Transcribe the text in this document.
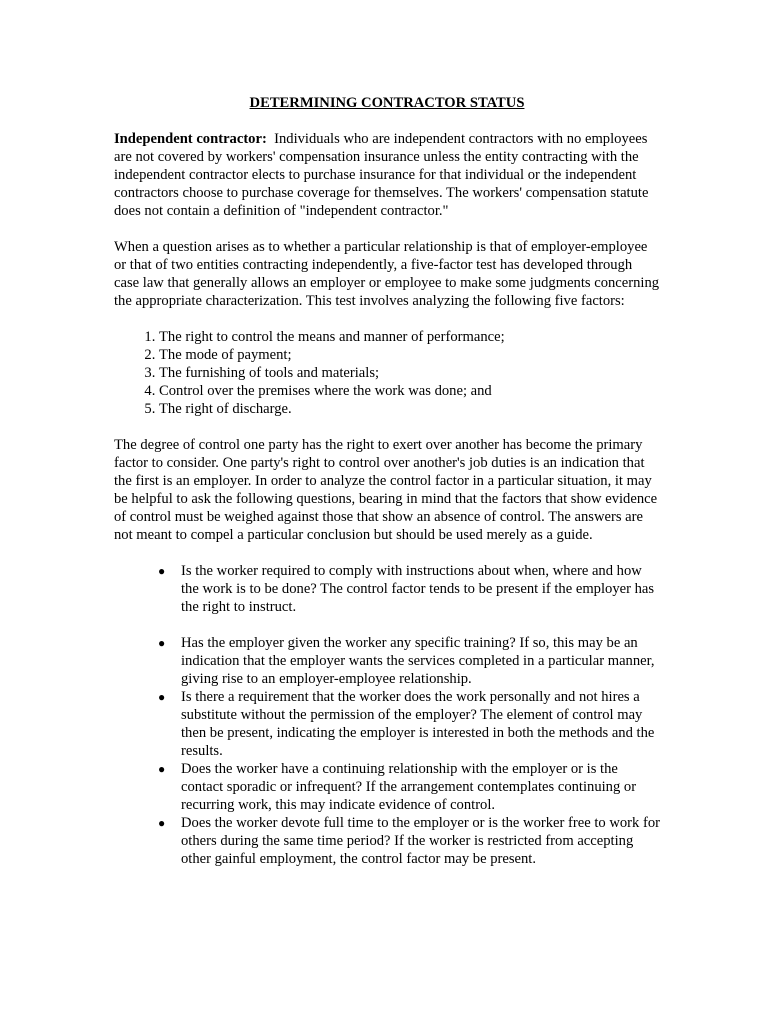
DETERMINING CONTRACTOR STATUS

Independent contractor: Individuals who are independent contractors with no employees are not covered by workers' compensation insurance unless the entity contracting with the independent contractor elects to purchase insurance for that individual or the independent contractors choose to purchase coverage for themselves. The workers' compensation statute does not contain a definition of "independent contractor."

When a question arises as to whether a particular relationship is that of employer-employee or that of two entities contracting independently, a five-factor test has developed through case law that generally allows an employer or employee to make some judgments concerning the appropriate characterization. This test involves analyzing the following five factors:

1. The right to control the means and manner of performance;
2. The mode of payment;
3. The furnishing of tools and materials;
4. Control over the premises where the work was done; and
5. The right of discharge.

The degree of control one party has the right to exert over another has become the primary factor to consider. One party's right to control over another's job duties is an indication that the first is an employer. In order to analyze the control factor in a particular situation, it may be helpful to ask the following questions, bearing in mind that the factors that show evidence of control must be weighed against those that show an absence of control. The answers are not meant to compel a particular conclusion but should be used merely as a guide.

● Is the worker required to comply with instructions about when, where and how the work is to be done? The control factor tends to be present if the employer has the right to instruct.
● Has the employer given the worker any specific training? If so, this may be an indication that the employer wants the services completed in a particular manner, giving rise to an employer-employee relationship.
● Is there a requirement that the worker does the work personally and not hires a substitute without the permission of the employer? The element of control may then be present, indicating the employer is interested in both the methods and the results.
● Does the worker have a continuing relationship with the employer or is the contact sporadic or infrequent? If the arrangement contemplates continuing or recurring work, this may indicate evidence of control.
● Does the worker devote full time to the employer or is the worker free to work for others during the same time period? If the worker is restricted from accepting other gainful employment, the control factor may be present.
